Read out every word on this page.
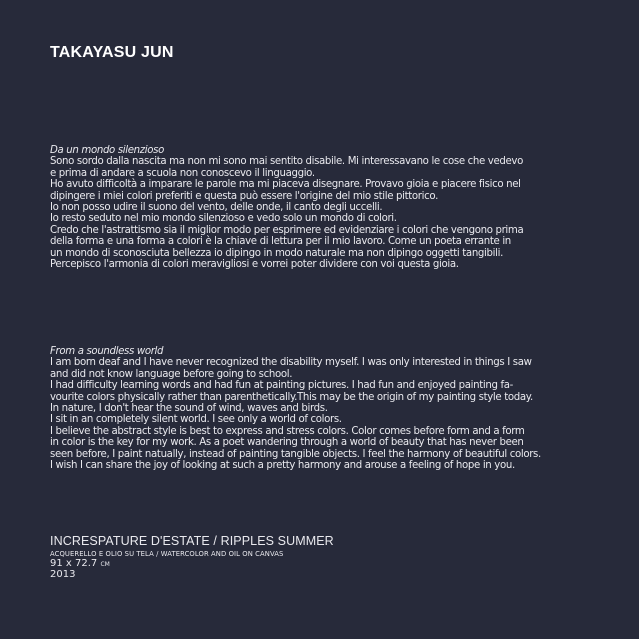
TAKAYASU JUN
Da un mondo silenzioso
Sono sordo dalla nascita ma non mi sono mai sentito disabile. Mi interessavano le cose che vedevo
e prima di andare a scuola non conoscevo il linguaggio.
Ho avuto difficoltà a imparare le parole ma mi piaceva disegnare. Provavo gioia e piacere fisico nel
dipingere i miei colori preferiti e questa può essere l'origine del mio stile pittorico.
Io non posso udire il suono del vento, delle onde, il canto degli uccelli.
Io resto seduto nel mio mondo silenzioso e vedo solo un mondo di colori.
Credo che l'astrattismo sia il miglior modo per esprimere ed evidenziare i colori che vengono prima
della forma e una forma a colori è la chiave di lettura per il mio lavoro. Come un poeta errante in
un mondo di sconosciuta bellezza io dipingo in modo naturale ma non dipingo oggetti tangibili.
Percepisco l'armonia di colori meravigliosi e vorrei poter dividere con voi questa gioia.
From a soundless world
I am born deaf and I have never recognized the disability myself. I was only interested in things I saw
and did not know language before going to school.
I had difficulty learning words and had fun at painting pictures. I had fun and enjoyed painting fa-
vourite colors physically rather than parenthetically.This may be the origin of my painting style today.
In nature, I don't hear the sound of wind, waves and birds.
I sit in an completely silent world. I see only a world of colors.
I believe the abstract style is best to express and stress colors. Color comes before form and a form
in color is the key for my work. As a poet wandering through a world of beauty that has never been
seen before, I paint natually, instead of painting tangible objects. I feel the harmony of beautiful colors.
I wish I can share the joy of looking at such a pretty harmony and arouse a feeling of hope in you.
INCRESPATURE D'ESTATE / RIPPLES SUMMER
ACQUERELLO E OLIO SU TELA / WATERCOLOR AND OIL ON CANVAS
91 x 72.7 cm
2013
